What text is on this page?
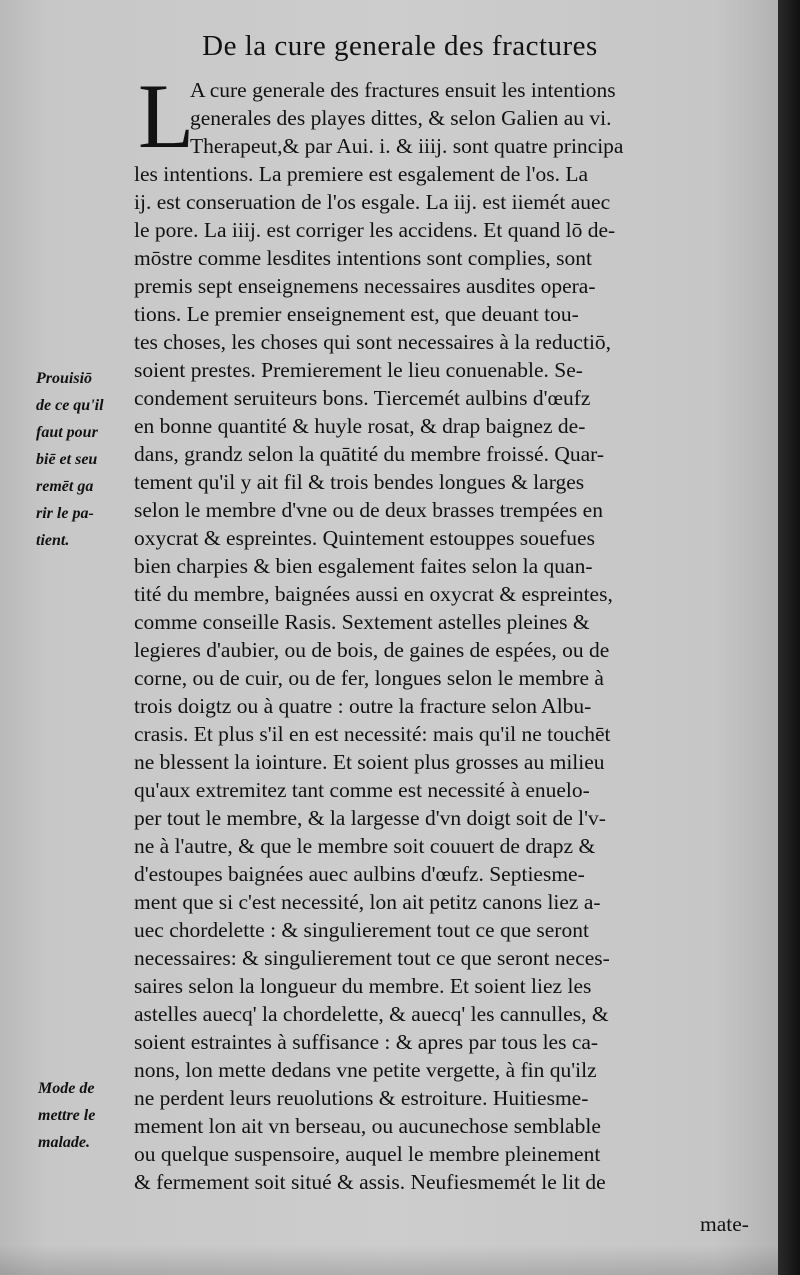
De la cure generale des fractures
L
A cure generale des fractures ensuit les intentions
generales des playes dittes, & selon Galien au vi.
Therapeut,& par Aui. i. & iiij. sont quatre principa
les intentions. La premiere est esgalement de l'os. La
ij. est conseruation de l'os esgale. La iij. est iiemét auec
le pore. La iiij. est corriger les accidens. Et quand lō de-
mōstre comme lesdites intentions sont complies, sont
premis sept enseignemens necessaires ausdites opera-
tions. Le premier enseignement est, que deuant tou-
tes choses, les choses qui sont necessaires à la reductiō,
soient prestes. Premierement le lieu conuenable. Se-
condement seruiteurs bons. Tiercemét aulbins d'œufz
en bonne quantité & huyle rosat, & drap baignez de-
dans, grandz selon la quātité du membre froissé. Quar-
tement qu'il y ait fil & trois bendes longues & larges
selon le membre d'vne ou de deux brasses trempées en
oxycrat & espreintes. Quintement estouppes souefues
bien charpies & bien esgalement faites selon la quan-
tité du membre, baignées aussi en oxycrat & espreintes,
comme conseille Rasis. Sextement astelles pleines &
legieres d'aubier, ou de bois, de gaines de espées, ou de
corne, ou de cuir, ou de fer, longues selon le membre à
trois doigtz ou à quatre : outre la fracture selon Albu-
crasis. Et plus s'il en est necessité: mais qu'il ne touchēt
ne blessent la iointure. Et soient plus grosses au milieu
qu'aux extremitez tant comme est necessité à enuelo-
per tout le membre, & la largesse d'vn doigt soit de l'v-
ne à l'autre, & que le membre soit couuert de drapz &
d'estoupes baignées auec aulbins d'œufz. Septiesme-
ment que si c'est necessité, lon ait petitz canons liez a-
uec chordelette : & singulierement tout ce que seront
necessaires: & singulierement tout ce que seront neces-
saires selon la longueur du membre. Et soient liez les
astelles auecq' la chordelette, & auecq' les cannulles, &
soient estraintes à suffisance : & apres par tous les ca-
nons, lon mette dedans vne petite vergette, à fin qu'ilz
ne perdent leurs reuolutions & estroiture. Huitiesme-
mement lon ait vn berseau, ou aucunechose semblable
ou quelque suspensoire, auquel le membre pleinement
& fermement soit situé & assis. Neufiesmemét le lit de
Prouisiō
de ce qu'il
faut pour
biē et seu
remēt ga
rir le pa-
tient.
Mode de
mettre le
malade.
mate-
